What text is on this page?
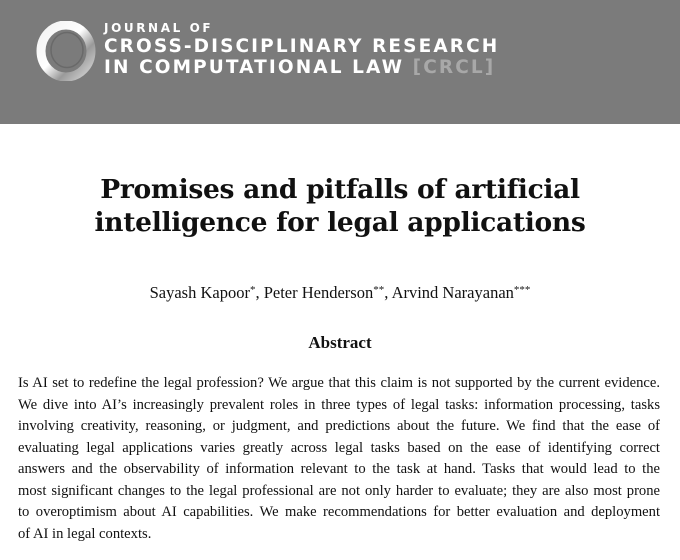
JOURNAL OF
CROSS-DISCIPLINARY RESEARCH
IN COMPUTATIONAL LAW [CRCL]
Promises and pitfalls of artificial
intelligence for legal applications
Sayash Kapoor*, Peter Henderson**, Arvind Narayanan***
Abstract

Is AI set to redefine the legal profession? We argue that this claim is not supported by the current evidence.
We dive into AI’s increasingly prevalent roles in three types of legal tasks: information processing, tasks
involving creativity, reasoning, or judgment, and predictions about the future. We find that the ease of
evaluating legal applications varies greatly across legal tasks based on the ease of identifying correct
answers and the observability of information relevant to the task at hand. Tasks that would lead to the
most significant changes to the legal professional are not only harder to evaluate; they are also most prone
to overoptimism about AI capabilities. We make recommendations for better evaluation and deployment
of AI in legal contexts.
